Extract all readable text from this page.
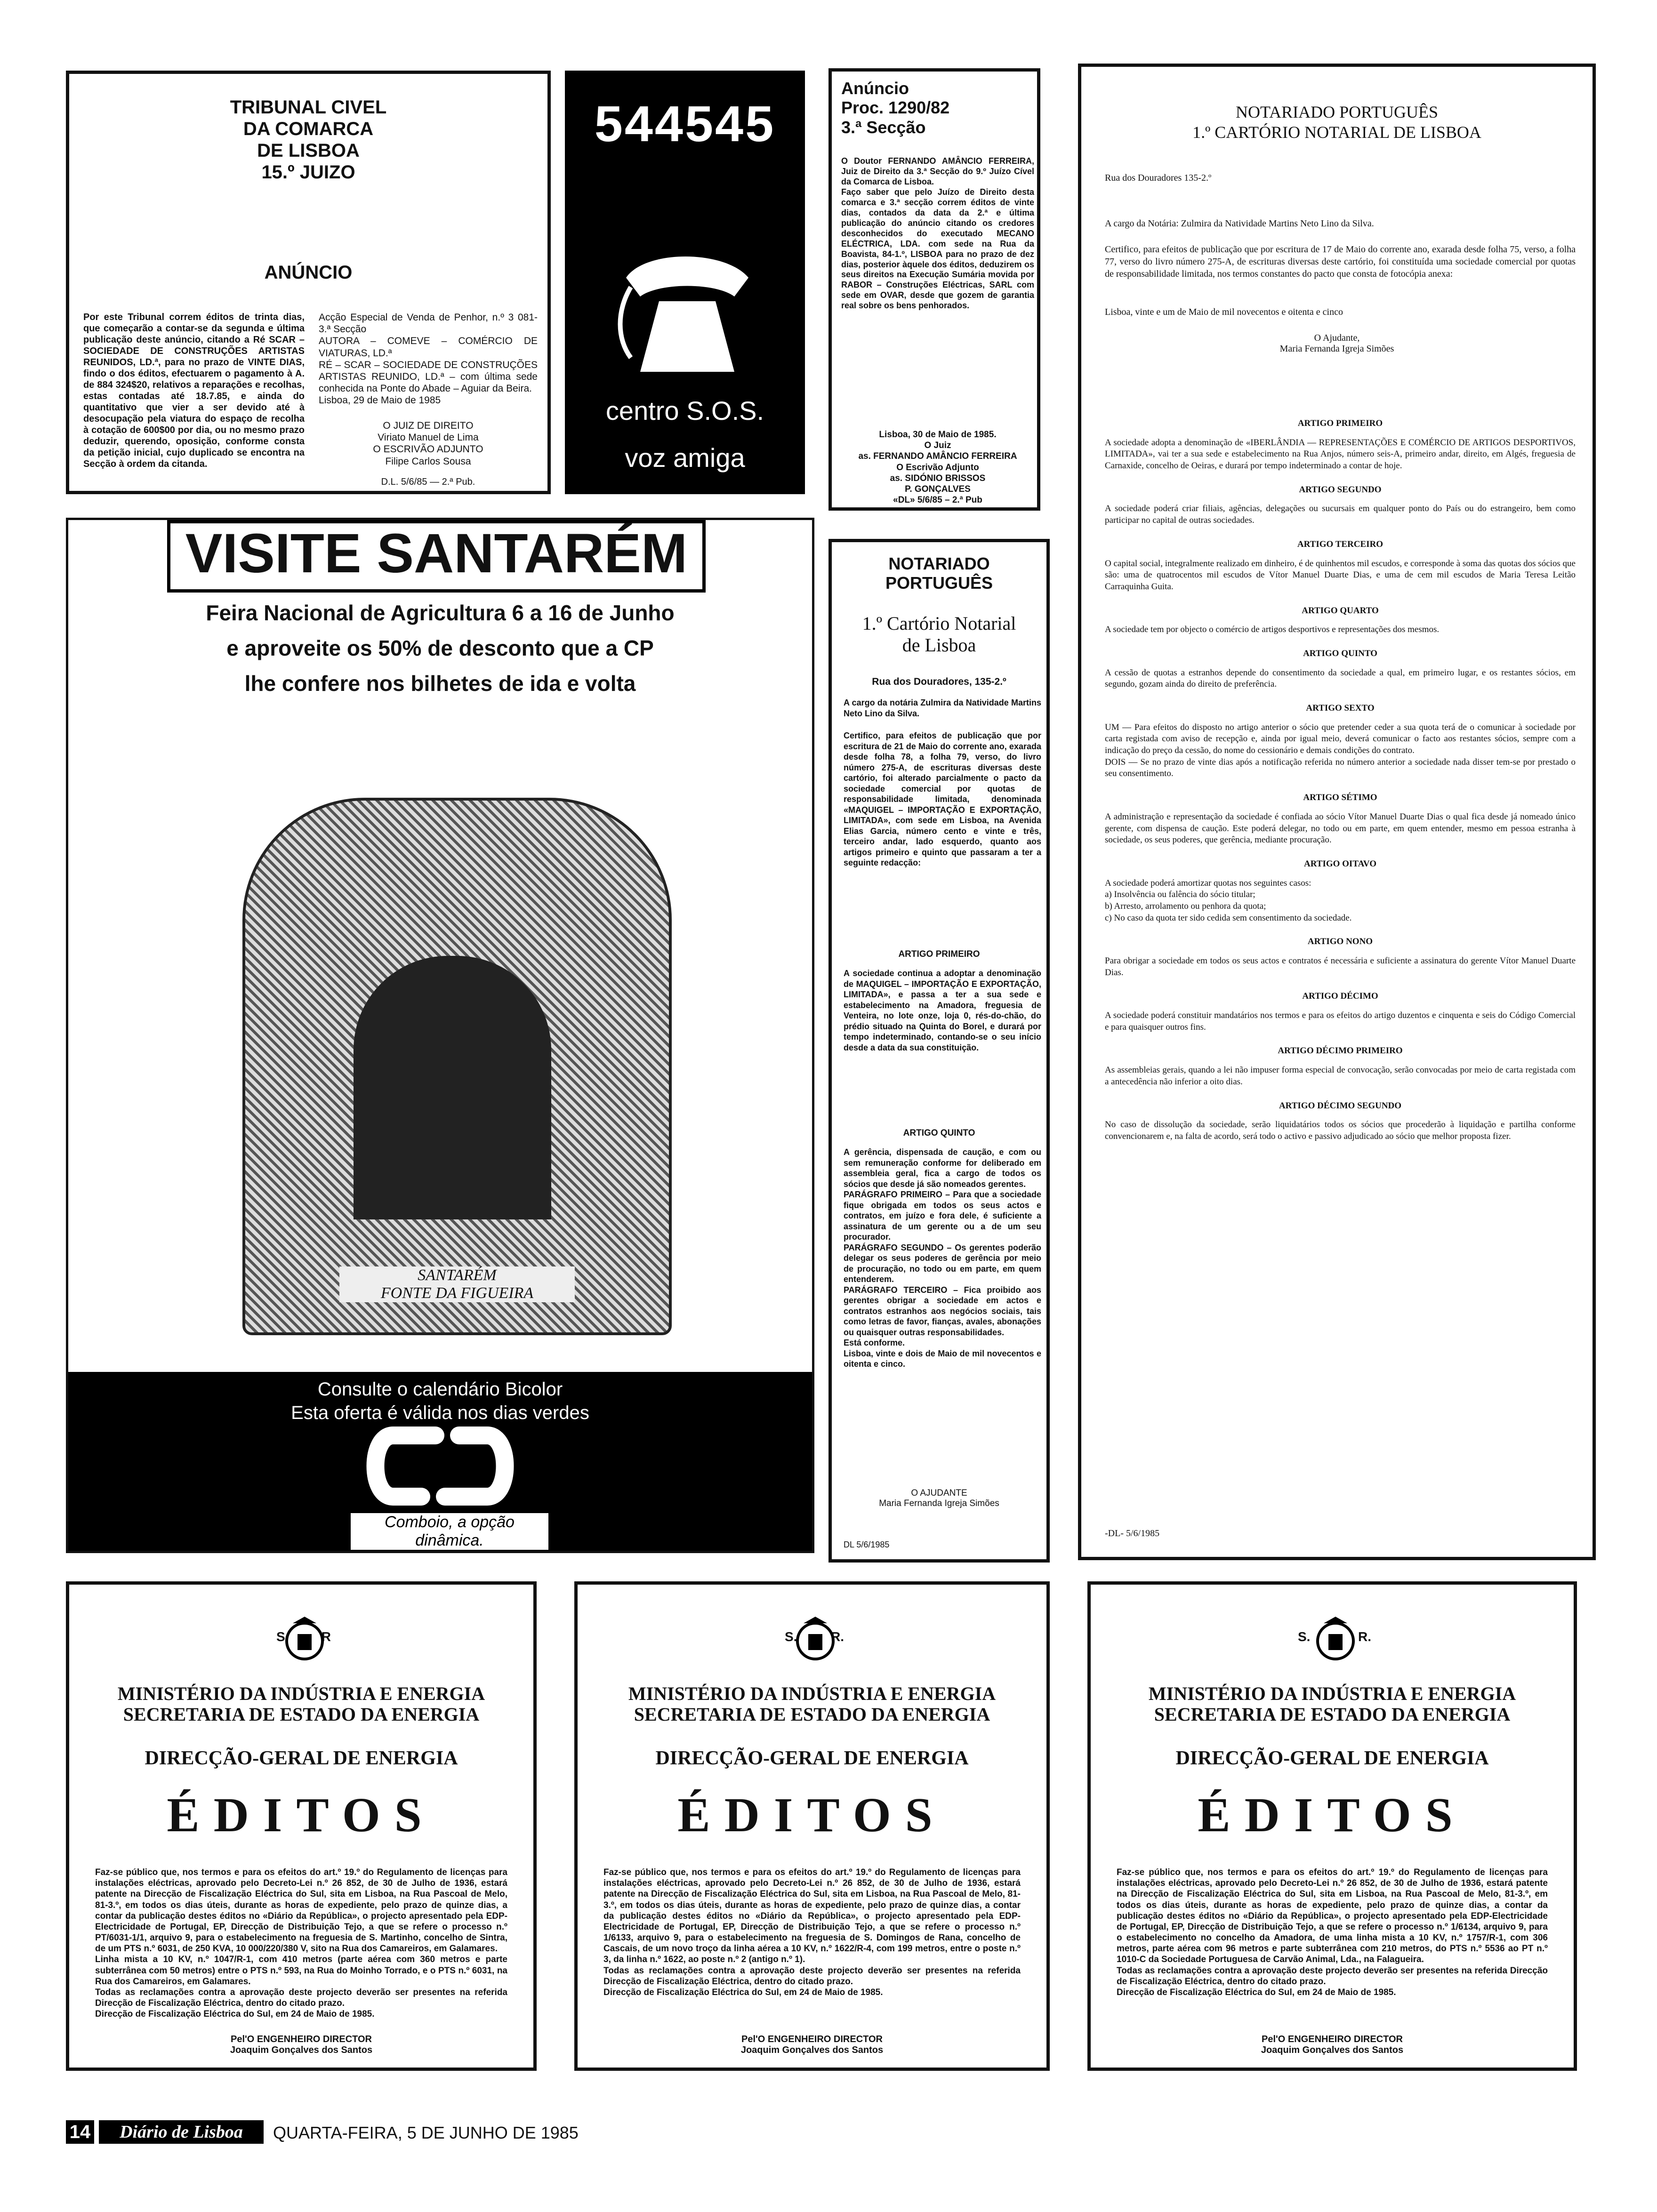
TRIBUNAL CIVEL
DA COMARCA
DE LISBOA
15.º JUIZO
ANÚNCIO
Por este Tribunal correm éditos de trinta dias, que começarão a contar-se da segunda e última publicação deste anúncio, citando a Ré SCAR – SOCIEDADE DE CONSTRUÇÕES ARTISTAS REUNIDOS, LD.ª, para no prazo de VINTE DIAS, findo o dos éditos, efectuarem o pagamento à A. de 884 324$20, relativos a reparações e recolhas, estas contadas até 18.7.85, e ainda do quantitativo que vier a ser devido até à desocupação pela viatura do espaço de recolha à cotação de 600$00 por dia, ou no mesmo prazo deduzir, querendo, oposição, conforme consta da petição inicial, cujo duplicado se encontra na Secção à ordem da citanda.
Acção Especial de Venda de Penhor, n.º 3 081-3.ª Secção
AUTORA – COMEVE – COMÉRCIO DE VIATURAS, LD.ª
RÉ – SCAR – SOCIEDADE DE CONSTRUÇÕES ARTISTAS REUNIDO, LD.ª – com última sede conhecida na Ponte do Abade – Aguiar da Beira.
Lisboa, 29 de Maio de 1985
O JUIZ DE DIREITO
Viriato Manuel de Lima
O ESCRIVÃO ADJUNTO
Filipe Carlos Sousa
D.L. 5/6/85 — 2.ª Pub.
544545
centro S.O.S.
voz amiga
Anúncio
Proc. 1290/82
3.ª Secção
O Doutor FERNANDO AMÂNCIO FERREIRA, Juiz de Direito da 3.ª Secção do 9.º Juízo Cível da Comarca de Lisboa.
Faço saber que pelo Juízo de Direito desta comarca e 3.ª secção correm éditos de vinte dias, contados da data da 2.ª e última publicação do anúncio citando os credores desconhecidos do executado MECANO ELÉCTRICA, LDA. com sede na Rua da Boavista, 84-1.º, LISBOA para no prazo de dez dias, posterior àquele dos éditos, deduzirem os seus direitos na Execução Sumária movida por RABOR – Construções Eléctricas, SARL com sede em OVAR, desde que gozem de garantia real sobre os bens penhorados.
Lisboa, 30 de Maio de 1985.
O Juiz
as. FERNANDO AMÂNCIO FERREIRA
O Escrivão Adjunto
as. SIDÓNIO BRISSOS
P. GONÇALVES
«DL» 5/6/85 – 2.ª Pub
NOTARIADO PORTUGUÊS
1.º CARTÓRIO NOTARIAL DE LISBOA
Rua dos Douradores 135-2.º
A cargo da Notária: Zulmira da Natividade Martins Neto Lino da Silva.
Certifico, para efeitos de publicação que por escritura de 17 de Maio do corrente ano, exarada desde folha 75, verso, a folha 77, verso do livro número 275-A, de escrituras diversas deste cartório, foi constituída uma sociedade comercial por quotas de responsabilidade limitada, nos termos constantes do pacto que consta de fotocópia anexa:
Lisboa, vinte e um de Maio de mil novecentos e oitenta e cinco
O Ajudante,
Maria Fernanda Igreja Simões
ARTIGO PRIMEIRO
A sociedade adopta a denominação de «IBERLÂNDIA — REPRESENTAÇÕES E COMÉRCIO DE ARTIGOS DESPORTIVOS, LIMITADA», vai ter a sua sede e estabelecimento na Rua Anjos, número seis-A, primeiro andar, direito, em Algés, freguesia de Carnaxide, concelho de Oeiras, e durará por tempo indeterminado a contar de hoje.
ARTIGO SEGUNDO
A sociedade poderá criar filiais, agências, delegações ou sucursais em qualquer ponto do País ou do estrangeiro, bem como participar no capital de outras sociedades.
ARTIGO TERCEIRO
O capital social, integralmente realizado em dinheiro, é de quinhentos mil escudos, e corresponde à soma das quotas dos sócios que são: uma de quatrocentos mil escudos de Vítor Manuel Duarte Dias, e uma de cem mil escudos de Maria Teresa Leitão Carraquinha Guita.
ARTIGO QUARTO
A sociedade tem por objecto o comércio de artigos desportivos e representações dos mesmos.
ARTIGO QUINTO
A cessão de quotas a estranhos depende do consentimento da sociedade a qual, em primeiro lugar, e os restantes sócios, em segundo, gozam ainda do direito de preferência.
ARTIGO SEXTO
UM — Para efeitos do disposto no artigo anterior o sócio que pretender ceder a sua quota terá de o comunicar à sociedade por carta registada com aviso de recepção e, ainda por igual meio, deverá comunicar o facto aos restantes sócios, sempre com a indicação do preço da cessão, do nome do cessionário e demais condições do contrato.
DOIS — Se no prazo de vinte dias após a notificação referida no número anterior a sociedade nada disser tem-se por prestado o seu consentimento.
ARTIGO SÉTIMO
A administração e representação da sociedade é confiada ao sócio Vítor Manuel Duarte Dias o qual fica desde já nomeado único gerente, com dispensa de caução. Este poderá delegar, no todo ou em parte, em quem entender, mesmo em pessoa estranha à sociedade, os seus poderes, que gerência, mediante procuração.
ARTIGO OITAVO
A sociedade poderá amortizar quotas nos seguintes casos:
a) Insolvência ou falência do sócio titular;
b) Arresto, arrolamento ou penhora da quota;
c) No caso da quota ter sido cedida sem consentimento da sociedade.
ARTIGO NONO
Para obrigar a sociedade em todos os seus actos e contratos é necessária e suficiente a assinatura do gerente Vítor Manuel Duarte Dias.
ARTIGO DÉCIMO
A sociedade poderá constituir mandatários nos termos e para os efeitos do artigo duzentos e cinquenta e seis do Código Comercial e para quaisquer outros fins.
ARTIGO DÉCIMO PRIMEIRO
As assembleias gerais, quando a lei não impuser forma especial de convocação, serão convocadas por meio de carta registada com a antecedência não inferior a oito dias.
ARTIGO DÉCIMO SEGUNDO
No caso de dissolução da sociedade, serão liquidatários todos os sócios que procederão à liquidação e partilha conforme convencionarem e, na falta de acordo, será todo o activo e passivo adjudicado ao sócio que melhor proposta fizer.
-DL- 5/6/1985
VISITE SANTARÉM
Feira Nacional de Agricultura 6 a 16 de Junho
e aproveite os 50% de desconto que a CP
lhe confere nos bilhetes de ida e volta
SANTARÉM
FONTE DA FIGUEIRA
Consulte o calendário Bicolor
Esta oferta é válida nos dias verdes
Comboio, a opção dinâmica.
NOTARIADO
PORTUGUÊS
1.º Cartório Notarial
de Lisboa
Rua dos Douradores, 135-2.º
A cargo da notária Zulmira da Natividade Martins Neto Lino da Silva.
Certifico, para efeitos de publicação que por escritura de 21 de Maio do corrente ano, exarada desde folha 78, a folha 79, verso, do livro número 275-A, de escrituras diversas deste cartório, foi alterado parcialmente o pacto da sociedade comercial por quotas de responsabilidade limitada, denominada «MAQUIGEL – IMPORTAÇÃO E EXPORTAÇÃO, LIMITADA», com sede em Lisboa, na Avenida Elias Garcia, número cento e vinte e três, terceiro andar, lado esquerdo, quanto aos artigos primeiro e quinto que passaram a ter a seguinte redacção:
ARTIGO PRIMEIRO
A sociedade continua a adoptar a denominação de MAQUIGEL – IMPORTAÇÃO E EXPORTAÇÃO, LIMITADA», e passa a ter a sua sede e estabelecimento na Amadora, freguesia de Venteira, no lote onze, loja 0, rés-do-chão, do prédio situado na Quinta do Borel, e durará por tempo indeterminado, contando-se o seu início desde a data da sua constituição.
ARTIGO QUINTO
A gerência, dispensada de caução, e com ou sem remuneração conforme for deliberado em assembleia geral, fica a cargo de todos os sócios que desde já são nomeados gerentes.
PARÁGRAFO PRIMEIRO – Para que a sociedade fique obrigada em todos os seus actos e contratos, em juízo e fora dele, é suficiente a assinatura de um gerente ou a de um seu procurador.
PARÁGRAFO SEGUNDO – Os gerentes poderão delegar os seus poderes de gerência por meio de procuração, no todo ou em parte, em quem entenderem.
PARÁGRAFO TERCEIRO – Fica proibido aos gerentes obrigar a sociedade em actos e contratos estranhos aos negócios sociais, tais como letras de favor, fianças, avales, abonações ou quaisquer outras responsabilidades.
Está conforme.
Lisboa, vinte e dois de Maio de mil novecentos e oitenta e cinco.
O AJUDANTE
Maria Fernanda Igreja Simões
DL 5/6/1985
S	R
MINISTÉRIO DA INDÚSTRIA E ENERGIA
SECRETARIA DE ESTADO DA ENERGIA
DIRECÇÃO-GERAL DE ENERGIA
ÉDITOS
Faz-se público que, nos termos e para os efeitos do art.º 19.º do Regulamento de licenças para instalações eléctricas, aprovado pelo Decreto-Lei n.º 26 852, de 30 de Julho de 1936, estará patente na Direcção de Fiscalização Eléctrica do Sul, sita em Lisboa, na Rua Pascoal de Melo, 81-3.º, em todos os dias úteis, durante as horas de expediente, pelo prazo de quinze dias, a contar da publicação destes éditos no «Diário da República», o projecto apresentado pela EDP-Electricidade de Portugal, EP, Direcção de Distribuição Tejo, a que se refere o processo n.º PT/6031-1/1, arquivo 9, para o estabelecimento na freguesia de S. Martinho, concelho de Sintra, de um PTS n.º 6031, de 250 KVA, 10 000/220/380 V, sito na Rua dos Camareiros, em Galamares.
Linha mista a 10 KV, n.º 1047/R-1, com 410 metros (parte aérea com 360 metros e parte subterrânea com 50 metros) entre o PTS n.º 593, na Rua do Moinho Torrado, e o PTS n.º 6031, na Rua dos Camareiros, em Galamares.
Todas as reclamações contra a aprovação deste projecto deverão ser presentes na referida Direcção de Fiscalização Eléctrica, dentro do citado prazo.
Direcção de Fiscalização Eléctrica do Sul, em 24 de Maio de 1985.
Pel'O ENGENHEIRO DIRECTOR
Joaquim Gonçalves dos Santos
S.	R.
MINISTÉRIO DA INDÚSTRIA E ENERGIA
SECRETARIA DE ESTADO DA ENERGIA
DIRECÇÃO-GERAL DE ENERGIA
ÉDITOS
Faz-se público que, nos termos e para os efeitos do art.º 19.º do Regulamento de licenças para instalações eléctricas, aprovado pelo Decreto-Lei n.º 26 852, de 30 de Julho de 1936, estará patente na Direcção de Fiscalização Eléctrica do Sul, sita em Lisboa, na Rua Pascoal de Melo, 81-3.º, em todos os dias úteis, durante as horas de expediente, pelo prazo de quinze dias, a contar da publicação destes éditos no «Diário da República», o projecto apresentado pela EDP-Electricidade de Portugal, EP, Direcção de Distribuição Tejo, a que se refere o processo n.º 1/6133, arquivo 9, para o estabelecimento na freguesia de S. Domingos de Rana, concelho de Cascais, de um novo troço da linha aérea a 10 KV, n.º 1622/R-4, com 199 metros, entre o poste n.º 3, da linha n.º 1622, ao poste n.º 2 (antigo n.º 1).
Todas as reclamações contra a aprovação deste projecto deverão ser presentes na referida Direcção de Fiscalização Eléctrica, dentro do citado prazo.
Direcção de Fiscalização Eléctrica do Sul, em 24 de Maio de 1985.
Pel'O ENGENHEIRO DIRECTOR
Joaquim Gonçalves dos Santos
S.	R.
MINISTÉRIO DA INDÚSTRIA E ENERGIA
SECRETARIA DE ESTADO DA ENERGIA
DIRECÇÃO-GERAL DE ENERGIA
ÉDITOS
Faz-se público que, nos termos e para os efeitos do art.º 19.º do Regulamento de licenças para instalações eléctricas, aprovado pelo Decreto-Lei n.º 26 852, de 30 de Julho de 1936, estará patente na Direcção de Fiscalização Eléctrica do Sul, sita em Lisboa, na Rua Pascoal de Melo, 81-3.º, em todos os dias úteis, durante as horas de expediente, pelo prazo de quinze dias, a contar da publicação destes éditos no «Diário da República», o projecto apresentado pela EDP-Electricidade de Portugal, EP, Direcção de Distribuição Tejo, a que se refere o processo n.º 1/6134, arquivo 9, para o estabelecimento no concelho da Amadora, de uma linha mista a 10 KV, n.º 1757/R-1, com 306 metros, parte aérea com 96 metros e parte subterrânea com 210 metros, do PTS n.º 5536 ao PT n.º 1010-C da Sociedade Portuguesa de Carvão Animal, Lda., na Falagueira.
Todas as reclamações contra a aprovação deste projecto deverão ser presentes na referida Direcção de Fiscalização Eléctrica, dentro do citado prazo.
Direcção de Fiscalização Eléctrica do Sul, em 24 de Maio de 1985.
Pel'O ENGENHEIRO DIRECTOR
Joaquim Gonçalves dos Santos
14	Diário de Lisboa	QUARTA-FEIRA, 5 DE JUNHO DE 1985
